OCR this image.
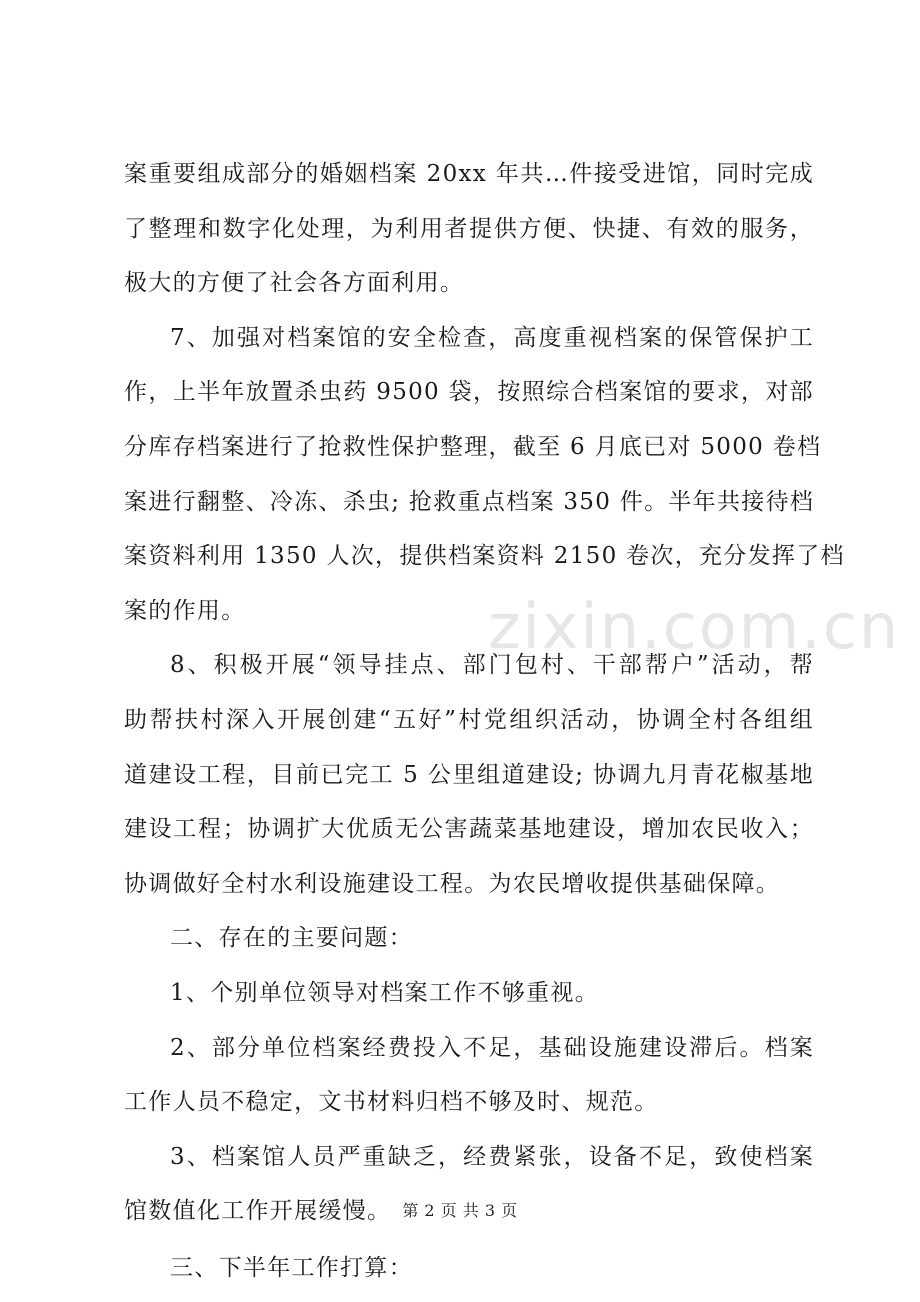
zixin.com.cn
案重要组成部分的婚姻档案 20xx 年共…件接受进馆，同时完成
了整理和数字化处理，为利用者提供方便、快捷、有效的服务，
极大的方便了社会各方面利用。
7、加强对档案馆的安全检查，高度重视档案的保管保护工
作，上半年放置杀虫药 9500 袋，按照综合档案馆的要求，对部
分库存档案进行了抢救性保护整理，截至 6 月底已对 5000 卷档
案进行翻整、冷冻、杀虫; 抢救重点档案 350 件。半年共接待档
案资料利用 1350 人次，提供档案资料 2150 卷次，充分发挥了档
案的作用。
8、积极开展“领导挂点、部门包村、干部帮户”活动，帮
助帮扶村深入开展创建“五好”村党组织活动，协调全村各组组
道建设工程，目前已完工 5 公里组道建设; 协调九月青花椒基地
建设工程；协调扩大优质无公害蔬菜基地建设，增加农民收入；
协调做好全村水利设施建设工程。为农民增收提供基础保障。
二、存在的主要问题：
1、个别单位领导对档案工作不够重视。
2、部分单位档案经费投入不足，基础设施建设滞后。档案
工作人员不稳定，文书材料归档不够及时、规范。
3、档案馆人员严重缺乏，经费紧张，设备不足，致使档案
馆数值化工作开展缓慢。
三、下半年工作打算：
第 2 页 共 3 页
